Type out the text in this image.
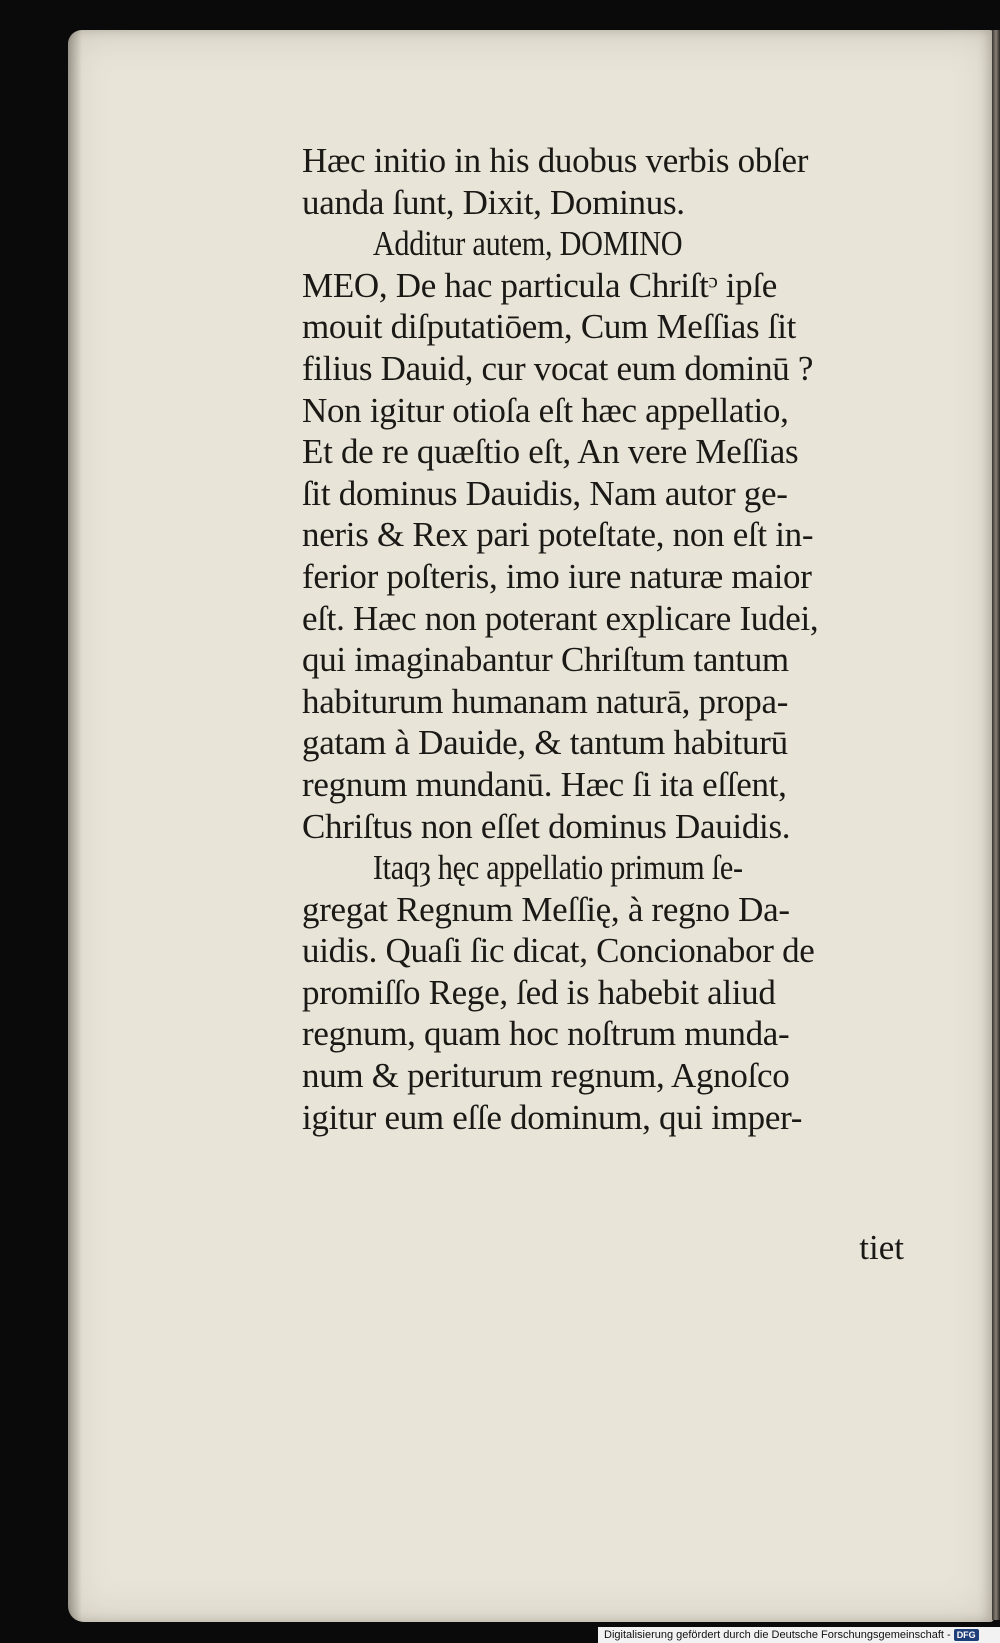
Hæc initio in his duobus verbis obſer
uanda ſunt, Dixit, Dominus.

Additur autem, DOMINO
MEO, De hac particula Chriſtᵓ ipſe
mouit diſputatiōem, Cum Meſſias ſit
filius Dauid, cur vocat eum dominū ?
Non igitur otioſa eſt hæc appellatio,
Et de re quæſtio eſt, An vere Meſſias
ſit dominus Dauidis, Nam autor ge-
neris & Rex pari poteſtate, non eſt in-
ferior poſteris, imo iure naturæ maior
eſt. Hæc non poterant explicare Iudei,
qui imaginabantur Chriſtum tantum
habiturum humanam naturā, propa-
gatam à Dauide, & tantum habiturū
regnum mundanū. Hæc ſi ita eſſent,
Chriſtus non eſſet dominus Dauidis.

Itaqȝ hęc appellatio primum ſe-
gregat Regnum Meſſię, à regno Da-
uidis. Quaſi ſic dicat, Concionabor de
promiſſo Rege, ſed is habebit aliud
regnum, quam hoc noſtrum munda-
num & periturum regnum, Agnoſco
igitur eum eſſe dominum, qui imper-

tiet
Digitalisierung gefördert durch die Deutsche Forschungsgemeinschaft - DFG
